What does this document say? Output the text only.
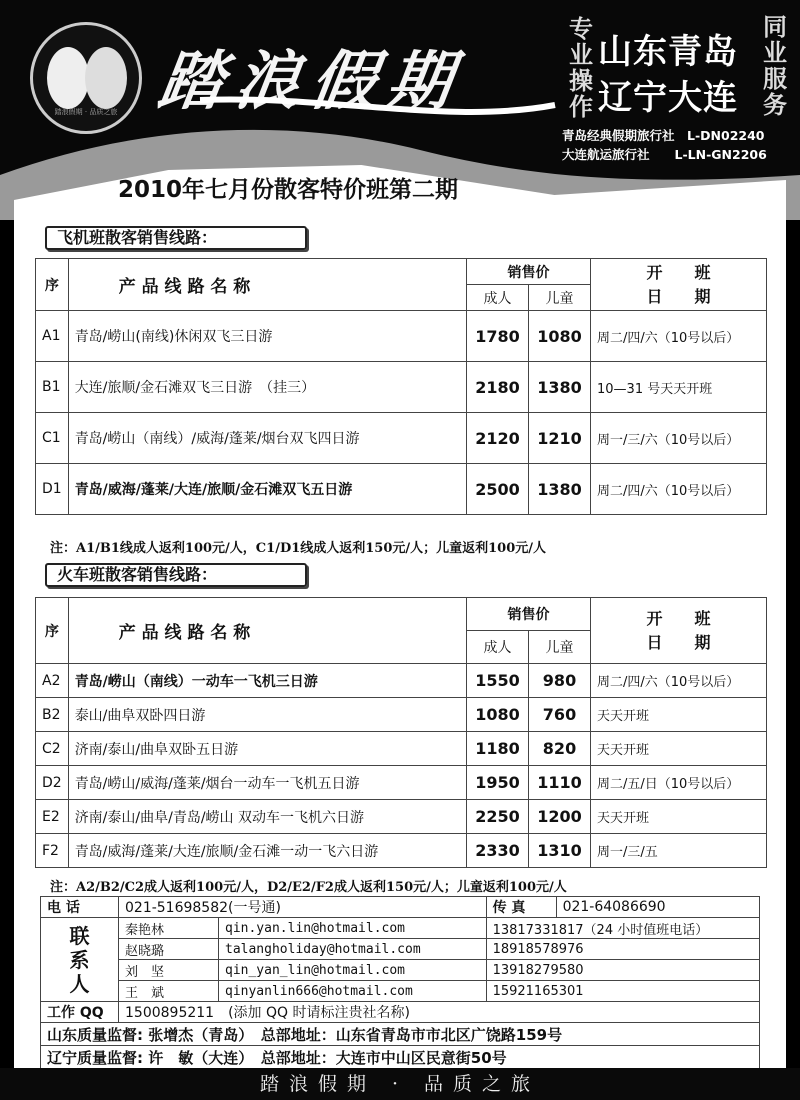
踏浪假期 · 品质之旅 踏浪假期
专业操作
同业服务
山东青岛
辽宁大连
青岛经典假期旅行社　 L-DN02240
大连航运旅行社　　 L-LN-GN2206
2010年七月份散客特价班第二期
飞机班散客销售线路：
序	产 品 线 路 名 称	销售价		开　　班
日　　期
		成人	儿童	
A1	青岛/崂山(南线)休闲双飞三日游	1780	1080	周二/四/六（10号以后）
B1	大连/旅顺/金石滩双飞三日游　（挂三）	2180	1380	10—31 号天天开班
C1	青岛/崂山（南线）/威海/蓬莱/烟台双飞四日游	2120	1210	周一/三/六（10号以后）
D1	青岛/威海/蓬莱/大连/旅顺/金石滩双飞五日游	2500	1380	周二/四/六（10号以后）
注：A1/B1线成人返利100元/人，C1/D1线成人返利150元/人；儿童返利100元/人
火车班散客销售线路：
序	产 品 线 路 名 称	销售价		开　　班
日　　期
		成人	儿童	
A2	青岛/崂山（南线）一动车一飞机三日游	1550	980	周二/四/六（10号以后）
B2	泰山/曲阜双卧四日游	1080	760	天天开班
C2	济南/泰山/曲阜双卧五日游	1180	820	天天开班
D2	青岛/崂山/威海/蓬莱/烟台一动车一飞机五日游	1950	1110	周二/五/日（10号以后）
E2	济南/泰山/曲阜/青岛/崂山 双动车一飞机六日游	2250	1200	天天开班
F2	青岛/威海/蓬莱/大连/旅顺/金石滩一动一飞六日游	2330	1310	周一/三/五
注：A2/B2/C2成人返利100元/人，D2/E2/F2成人返利150元/人；儿童返利100元/人
电 话	021-51698582(一号通)		传 真	021-64086690
联系人	秦艳林	qin.yan.lin@hotmail.com	13817331817（24 小时值班电话）	
	赵晓璐	talangholiday@hotmail.com	18918578976	
	刘　坚	qin_yan_lin@hotmail.com	13918279580	
	王　斌	qinyanlin666@hotmail.com	15921165301	
工作 QQ	1500895211　(添加 QQ 时请标注贵社名称)			
山东质量监督: 张增杰（青岛）　 总部地址：山东省青岛市市北区广饶路159号				
辽宁质量监督: 许　敏（大连）　 总部地址：大连市中山区民意街50号				
踏浪假期 · 品质之旅
